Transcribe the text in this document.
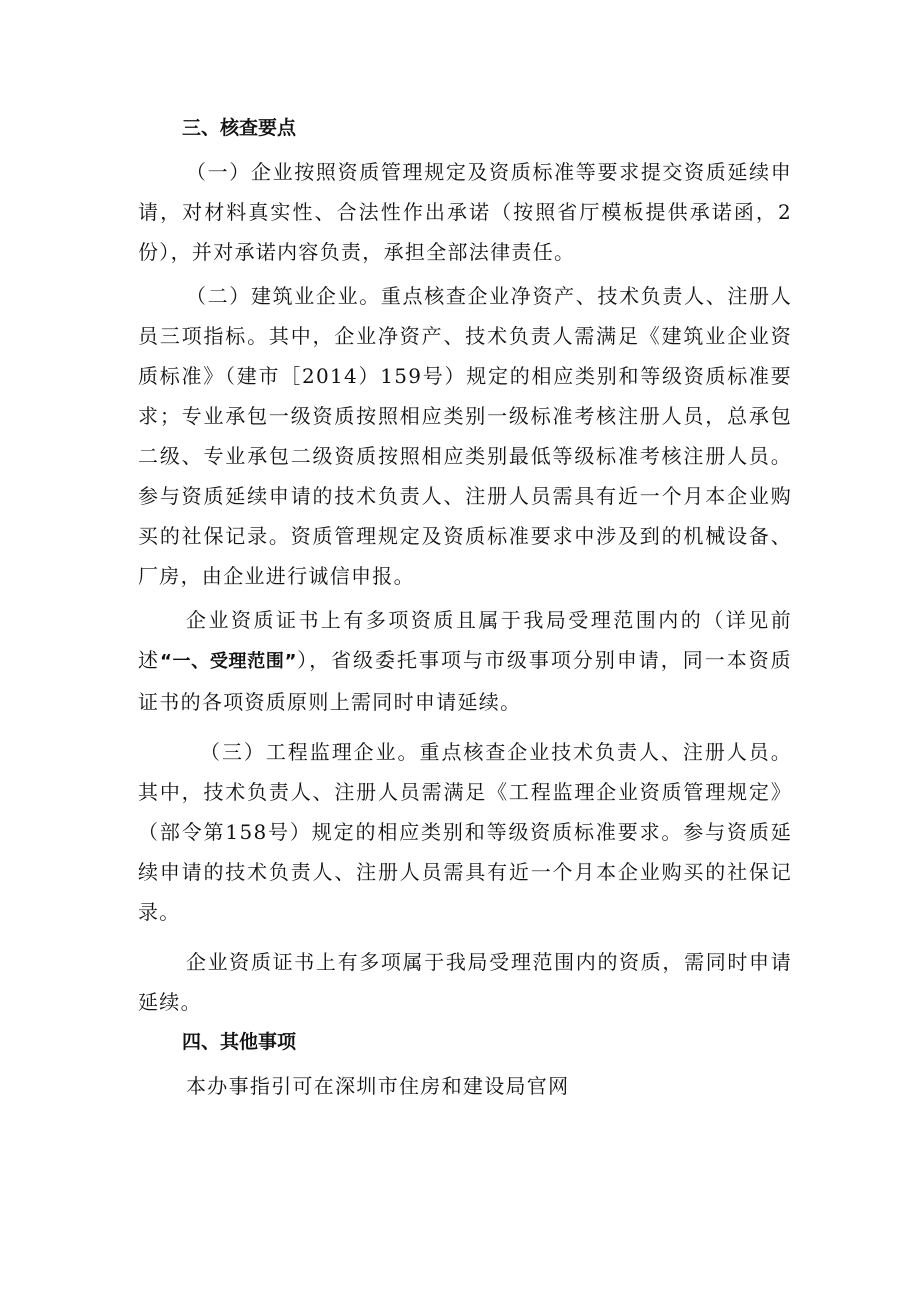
三、核查要点

（一）企业按照资质管理规定及资质标准等要求提交资质延续申请，对材料真实性、合法性作出承诺（按照省厅模板提供承诺函，2份），并对承诺内容负责，承担全部法律责任。

（二）建筑业企业。重点核查企业净资产、技术负责人、注册人员三项指标。其中，企业净资产、技术负责人需满足《建筑业企业资质标准》（建市［2014）159号）规定的相应类别和等级资质标准要求；专业承包一级资质按照相应类别一级标准考核注册人员，总承包二级、专业承包二级资质按照相应类别最低等级标准考核注册人员。参与资质延续申请的技术负责人、注册人员需具有近一个月本企业购买的社保记录。资质管理规定及资质标准要求中涉及到的机械设备、厂房，由企业进行诚信申报。

企业资质证书上有多项资质且属于我局受理范围内的（详见前述“一、受理范围”），省级委托事项与市级事项分别申请，同一本资质证书的各项资质原则上需同时申请延续。

（三）工程监理企业。重点核查企业技术负责人、注册人员。其中，技术负责人、注册人员需满足《工程监理企业资质管理规定》（部令第158号）规定的相应类别和等级资质标准要求。参与资质延续申请的技术负责人、注册人员需具有近一个月本企业购买的社保记录。

企业资质证书上有多项属于我局受理范围内的资质，需同时申请延续。

四、其他事项

本办事指引可在深圳市住房和建设局官网
